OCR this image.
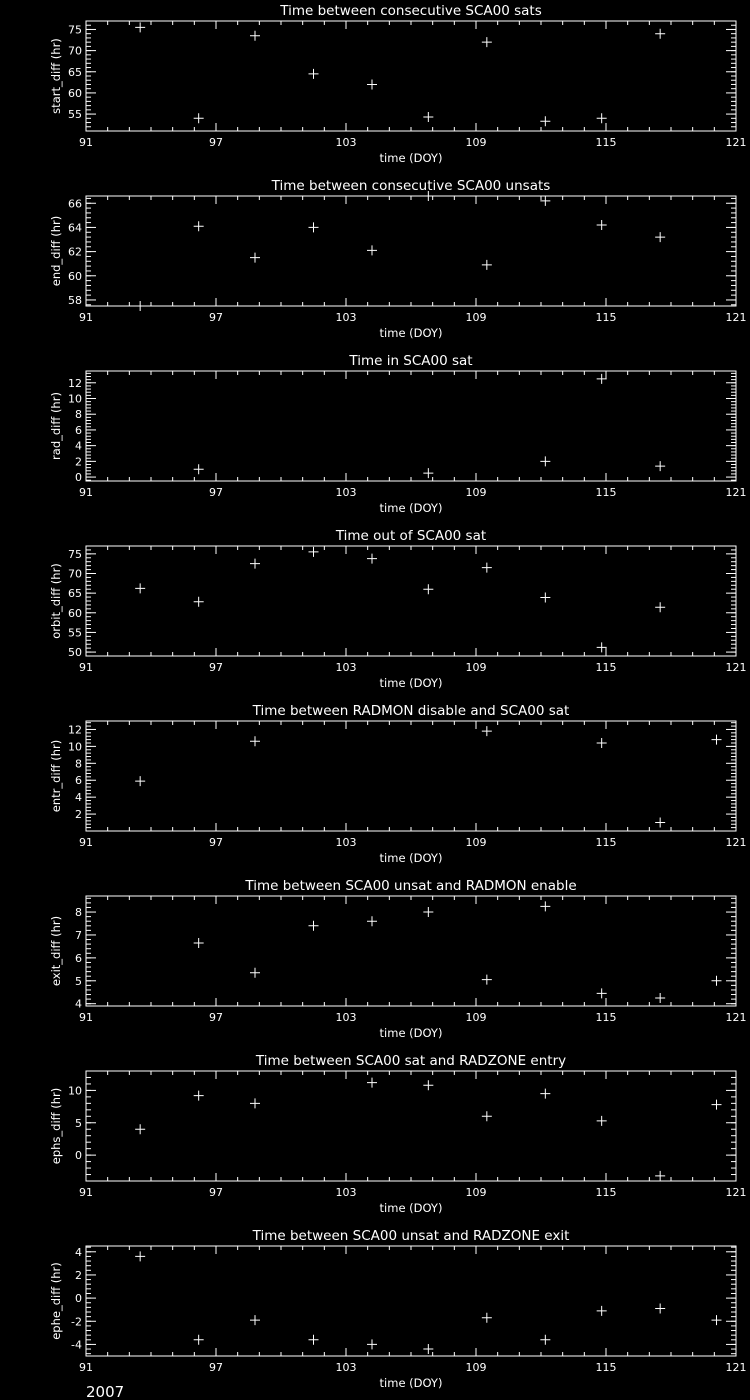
2007
Time between consecutive SCA00 sats
time (DOY)
start_diff (hr)
91	97	103	109	115	121
55
60
65
70
75
Time between consecutive SCA00 unsats
time (DOY)
end_diff (hr)
91	97	103	109	115	121
58
60
62
64
66
Time in SCA00 sat
time (DOY)
rad_diff (hr)
91	97	103	109	115	121
0
2
4
6
8
10
12
Time out of SCA00 sat
time (DOY)
orbit_diff (hr)
91	97	103	109	115	121
50
55
60
65
70
75
Time between RADMON disable and SCA00 sat
time (DOY)
entr_diff (hr)
91	97	103	109	115	121
2
4
6
8
10
12
Time between SCA00 unsat and RADMON enable
time (DOY)
exit_diff (hr)
91	97	103	109	115	121
4
5
6
7
8
Time between SCA00 sat and RADZONE entry
time (DOY)
ephs_diff (hr)
91	97	103	109	115	121
0
5
10
Time between SCA00 unsat and RADZONE exit
time (DOY)
ephe_diff (hr)
91	97	103	109	115	121
-4
-2
0
2
4
